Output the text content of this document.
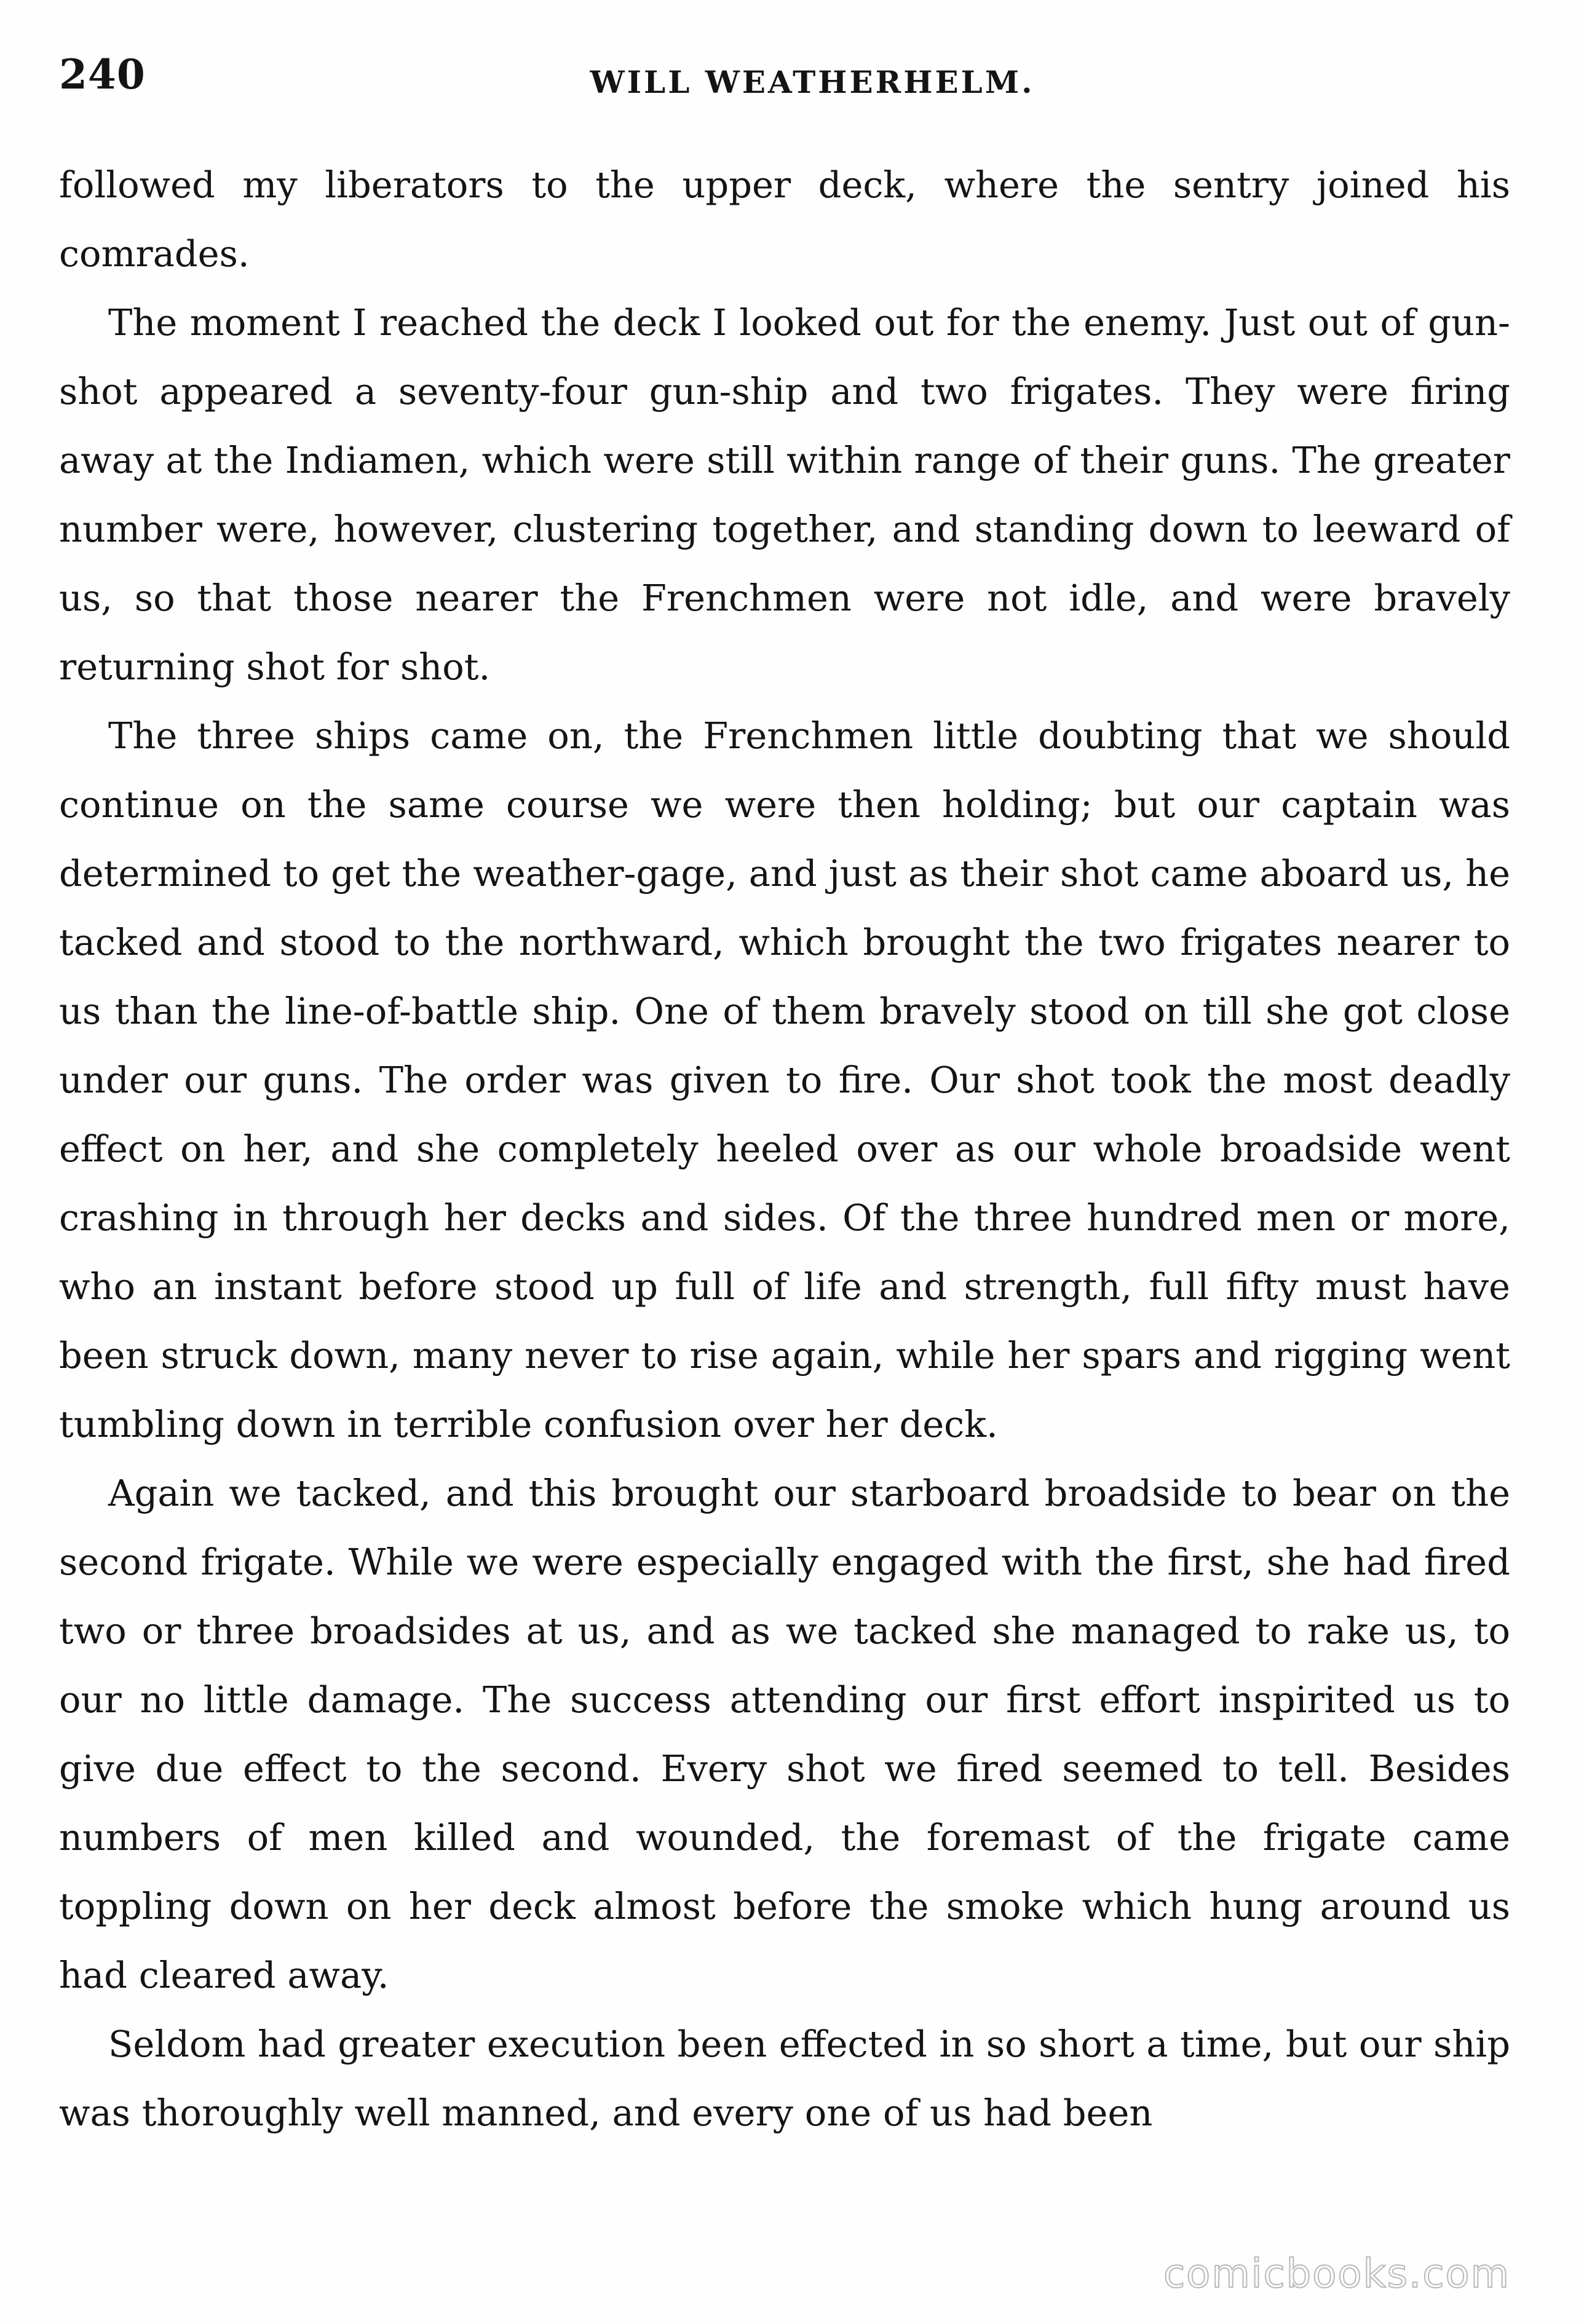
240	WILL WEATHERHELM.

followed my liberators to the upper deck, where the sentry joined his comrades.

The moment I reached the deck I looked out for the enemy. Just out of gun-shot appeared a seventy-four gun-ship and two frigates. They were firing away at the Indiamen, which were still within range of their guns. The greater number were, however, clustering together, and standing down to leeward of us, so that those nearer the Frenchmen were not idle, and were bravely returning shot for shot.

The three ships came on, the Frenchmen little doubting that we should continue on the same course we were then holding; but our captain was determined to get the weather-gage, and just as their shot came aboard us, he tacked and stood to the northward, which brought the two frigates nearer to us than the line-of-battle ship. One of them bravely stood on till she got close under our guns. The order was given to fire. Our shot took the most deadly effect on her, and she completely heeled over as our whole broadside went crashing in through her decks and sides. Of the three hundred men or more, who an instant before stood up full of life and strength, full fifty must have been struck down, many never to rise again, while her spars and rigging went tumbling down in terrible confusion over her deck.

Again we tacked, and this brought our starboard broadside to bear on the second frigate. While we were especially engaged with the first, she had fired two or three broadsides at us, and as we tacked she managed to rake us, to our no little damage. The success attending our first effort inspirited us to give due effect to the second. Every shot we fired seemed to tell. Besides numbers of men killed and wounded, the foremast of the frigate came toppling down on her deck almost before the smoke which hung around us had cleared away.

Seldom had greater execution been effected in so short a time, but our ship was thoroughly well manned, and every one of us had been

comicbooks.com
